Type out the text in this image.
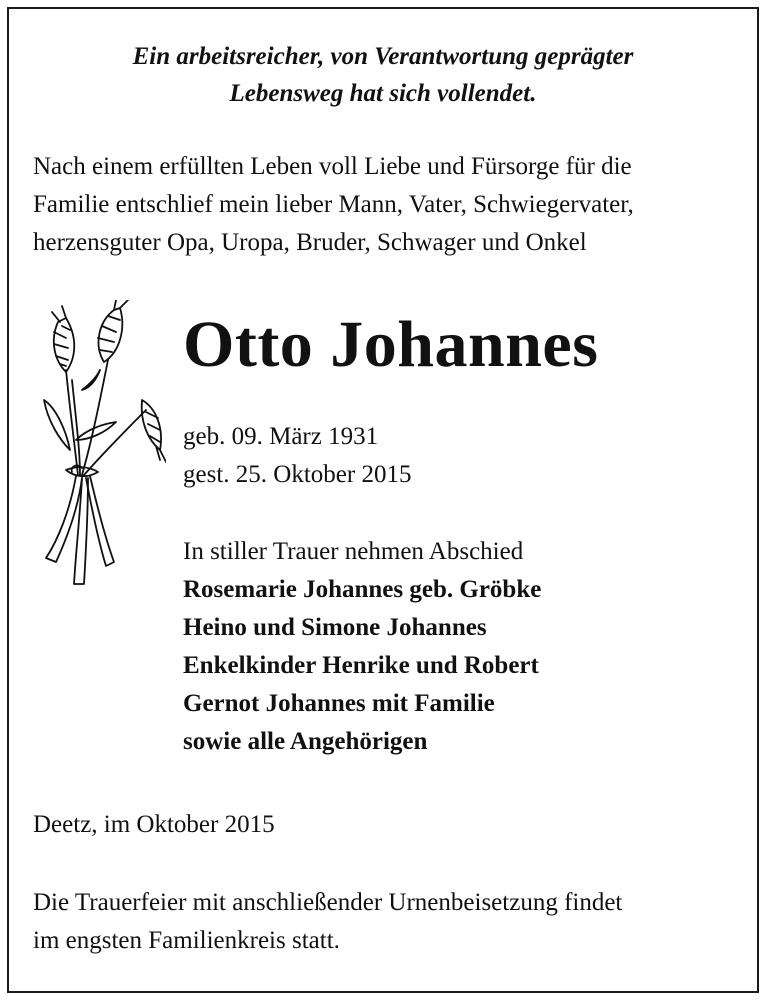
Ein arbeitsreicher, von Verantwortung geprägter
Lebensweg hat sich vollendet.
Nach einem erfüllten Leben voll Liebe und Fürsorge für die
Familie entschlief mein lieber Mann, Vater, Schwiegervater,
herzensguter Opa, Uropa, Bruder, Schwager und Onkel
Otto Johannes
geb. 09. März 1931
gest. 25. Oktober 2015
In stiller Trauer nehmen Abschied
Rosemarie Johannes geb. Gröbke
Heino und Simone Johannes
Enkelkinder Henrike und Robert
Gernot Johannes mit Familie
sowie alle Angehörigen
Deetz, im Oktober 2015
Die Trauerfeier mit anschließender Urnenbeisetzung findet
im engsten Familienkreis statt.
